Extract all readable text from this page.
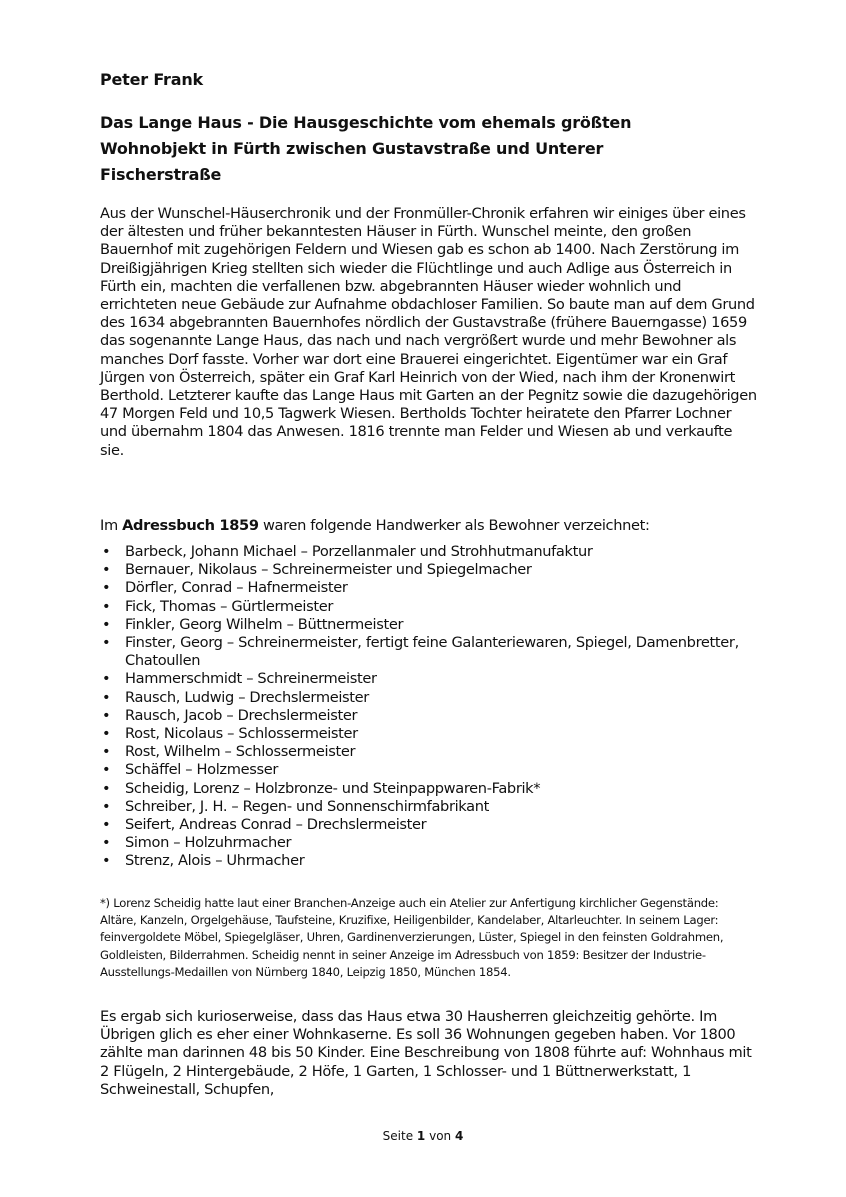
Peter Frank
Das Lange Haus - Die Hausgeschichte vom ehemals größten Wohnobjekt in Fürth zwischen Gustavstraße und Unterer Fischerstraße

Aus der Wunschel-Häuserchronik und der Fronmüller-Chronik erfahren wir einiges über eines der ältesten und früher bekanntesten Häuser in Fürth. Wunschel meinte, den großen Bauernhof mit zugehörigen Feldern und Wiesen gab es schon ab 1400. Nach Zerstörung im Dreißigjährigen Krieg stellten sich wieder die Flüchtlinge und auch Adlige aus Österreich in Fürth ein, machten die verfallenen bzw. abgebrannten Häuser wieder wohnlich und errichteten neue Gebäude zur Aufnahme obdachloser Familien. So baute man auf dem Grund des 1634 abgebrannten Bauernhofes nördlich der Gustavstraße (frühere Bauerngasse) 1659 das sogenannte Lange Haus, das nach und nach vergrößert wurde und mehr Bewohner als manches Dorf fasste. Vorher war dort eine Brauerei eingerichtet. Eigentümer war ein Graf Jürgen von Österreich, später ein Graf Karl Heinrich von der Wied, nach ihm der Kronenwirt Berthold. Letzterer kaufte das Lange Haus mit Garten an der Pegnitz sowie die dazugehörigen 47 Morgen Feld und 10,5 Tagwerk Wiesen. Bertholds Tochter heiratete den Pfarrer Lochner und übernahm 1804 das Anwesen. 1816 trennte man Felder und Wiesen ab und verkaufte sie.

Im Adressbuch 1859 waren folgende Handwerker als Bewohner verzeichnet:
• Barbeck, Johann Michael – Porzellanmaler und Strohhutmanufaktur
• Bernauer, Nikolaus – Schreinermeister und Spiegelmacher
• Dörfler, Conrad – Hafnermeister
• Fick, Thomas – Gürtlermeister
• Finkler, Georg Wilhelm – Büttnermeister
• Finster, Georg – Schreinermeister, fertigt feine Galanteriewaren, Spiegel, Damenbretter, Chatoullen
• Hammerschmidt – Schreinermeister
• Rausch, Ludwig – Drechslermeister
• Rausch, Jacob – Drechslermeister
• Rost, Nicolaus – Schlossermeister
• Rost, Wilhelm – Schlossermeister
• Schäffel – Holzmesser
• Scheidig, Lorenz – Holzbronze- und Steinpappwaren-Fabrik*
• Schreiber, J. H. – Regen- und Sonnenschirmfabrikant
• Seifert, Andreas Conrad – Drechslermeister
• Simon – Holzuhrmacher
• Strenz, Alois – Uhrmacher

*) Lorenz Scheidig hatte laut einer Branchen-Anzeige auch ein Atelier zur Anfertigung kirchlicher Gegenstände: Altäre, Kanzeln, Orgelgehäuse, Taufsteine, Kruzifixe, Heiligenbilder, Kandelaber, Altarleuchter. In seinem Lager: feinvergoldete Möbel, Spiegelgläser, Uhren, Gardinenverzierungen, Lüster, Spiegel in den feinsten Goldrahmen, Goldleisten, Bilderrahmen. Scheidig nennt in seiner Anzeige im Adressbuch von 1859: Besitzer der Industrie-Ausstellungs-Medaillen von Nürnberg 1840, Leipzig 1850, München 1854.

Es ergab sich kurioserweise, dass das Haus etwa 30 Hausherren gleichzeitig gehörte. Im Übrigen glich es eher einer Wohnkaserne. Es soll 36 Wohnungen gegeben haben. Vor 1800 zählte man darinnen 48 bis 50 Kinder. Eine Beschreibung von 1808 führte auf: Wohnhaus mit 2 Flügeln, 2 Hintergebäude, 2 Höfe, 1 Garten, 1 Schlosser- und 1 Büttnerwerkstatt, 1 Schweinestall, Schupfen,

Seite 1 von 4
